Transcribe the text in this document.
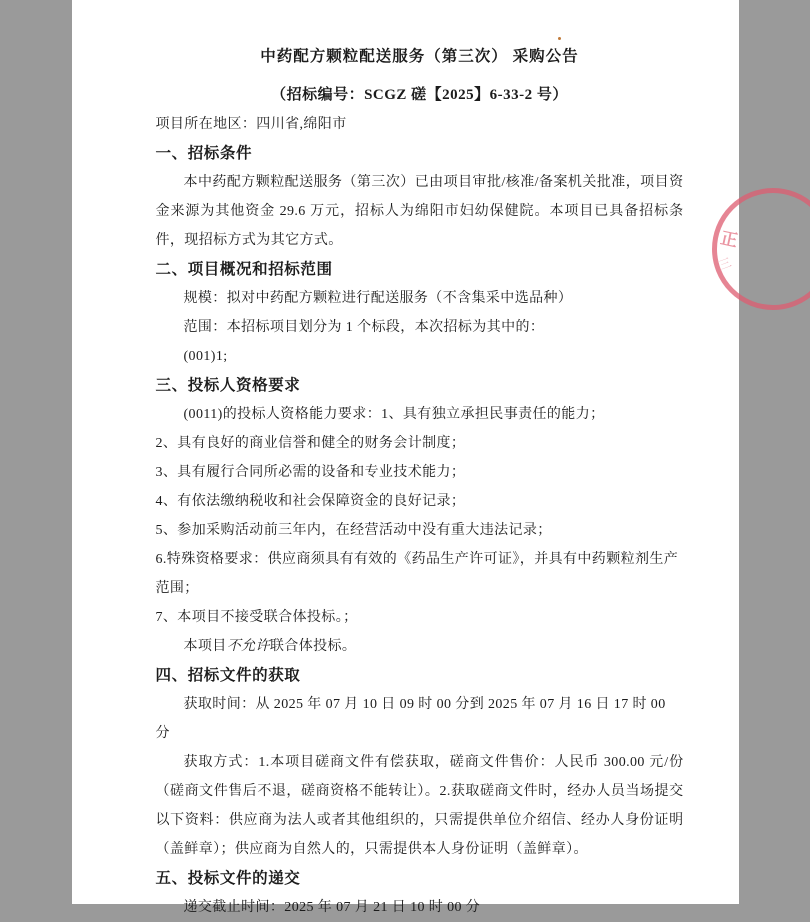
中药配方颗粒配送服务（第三次） 采购公告

（招标编号：SCGZ 磋【2025】6-33-2 号）

项目所在地区：四川省,绵阳市

一、招标条件

本中药配方颗粒配送服务（第三次）已由项目审批/核准/备案机关批准，项目资金来源为其他资金 29.6 万元，招标人为绵阳市妇幼保健院。本项目已具备招标条件，现招标方式为其它方式。

二、项目概况和招标范围

规模：拟对中药配方颗粒进行配送服务（不含集采中选品种）

范围：本招标项目划分为 1 个标段，本次招标为其中的：

(001)1;

三、投标人资格要求

(0011)的投标人资格能力要求：1、具有独立承担民事责任的能力；

2、具有良好的商业信誉和健全的财务会计制度；

3、具有履行合同所必需的设备和专业技术能力；

4、有依法缴纳税收和社会保障资金的良好记录；

5、参加采购活动前三年内，在经营活动中没有重大违法记录；

6.特殊资格要求：供应商须具有有效的《药品生产许可证》，并具有中药颗粒剂生产范围；

7、本项目不接受联合体投标。；

本项目不允许联合体投标。

四、招标文件的获取

获取时间：从 2025 年 07 月 10 日 09 时 00 分到 2025 年 07 月 16 日 17 时 00 分

获取方式：1.本项目磋商文件有偿获取，磋商文件售价：人民币 300.00 元/份（磋商文件售后不退，磋商资格不能转让）。2.获取磋商文件时，经办人员当场提交以下资料：供应商为法人或者其他组织的，只需提供单位介绍信、经办人身份证明（盖鲜章）；供应商为自然人的，只需提供本人身份证明（盖鲜章）。

五、投标文件的递交

递交截止时间：2025 年 07 月 21 日 10 时 00 分

正
三
